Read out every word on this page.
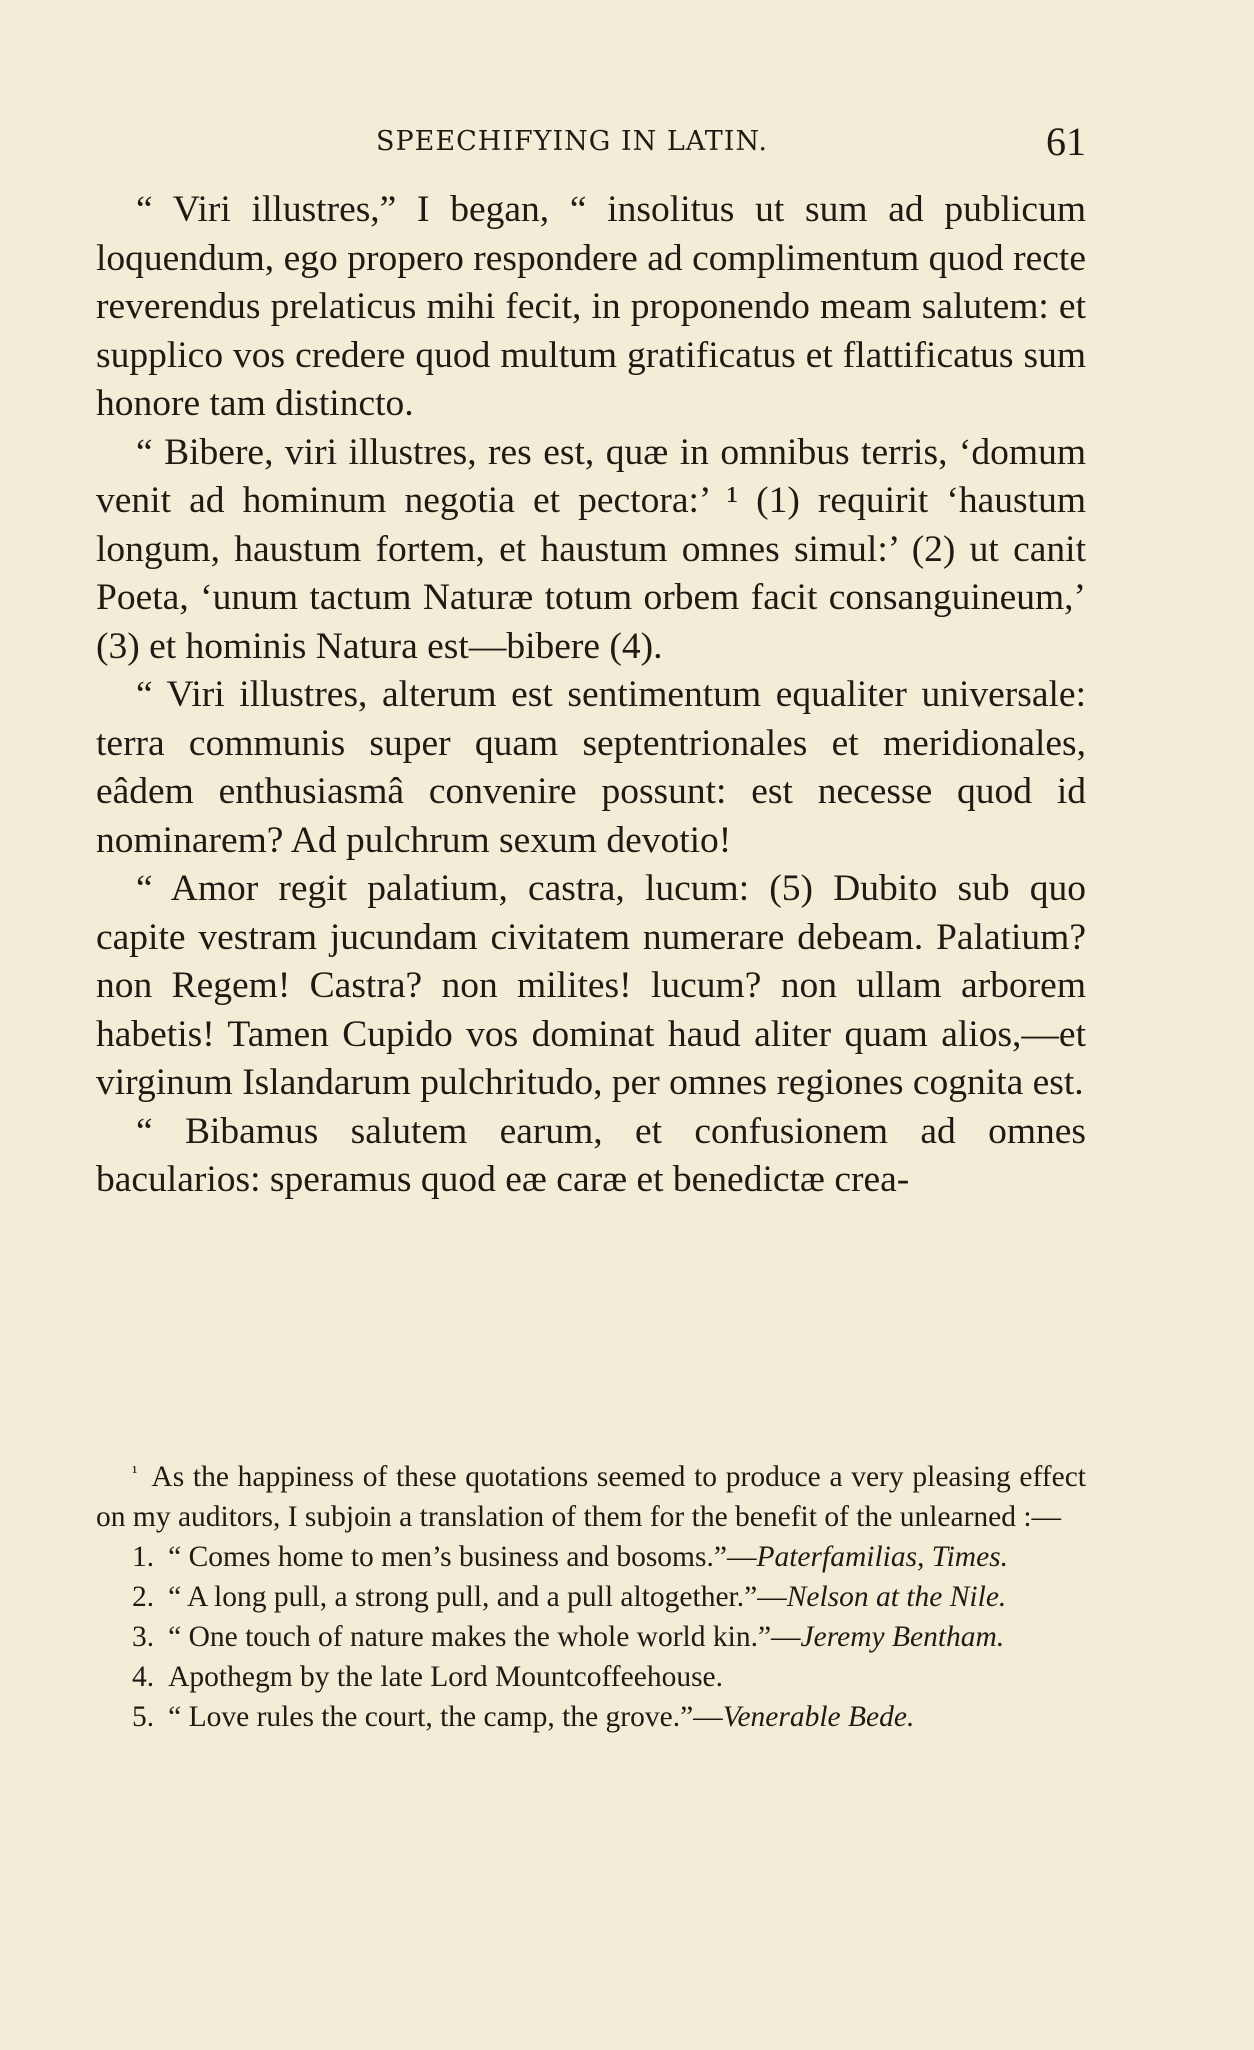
SPEECHIFYING IN LATIN.	61

“ Viri illustres,” I began, “ insolitus ut sum ad publicum loquendum, ego propero respondere ad complimentum quod recte reverendus prelaticus mihi fecit, in proponendo meam salutem: et supplico vos credere quod multum gratificatus et flattificatus sum honore tam distincto.

“ Bibere, viri illustres, res est, quæ in omnibus terris, ‘domum venit ad hominum negotia et pectora:’ ¹ (1) requirit ‘haustum longum, haustum fortem, et haustum omnes simul:’ (2) ut canit Poeta, ‘unum tactum Naturæ totum orbem facit consanguineum,’ (3) et hominis Natura est—bibere (4).

“ Viri illustres, alterum est sentimentum equaliter universale: terra communis super quam septentrionales et meridionales, eâdem enthusiasmâ convenire possunt: est necesse quod id nominarem? Ad pulchrum sexum devotio!

“ Amor regit palatium, castra, lucum: (5) Dubito sub quo capite vestram jucundam civitatem numerare debeam. Palatium? non Regem! Castra? non milites! lucum? non ullam arborem habetis! Tamen Cupido vos dominat haud aliter quam alios,—et virginum Islandarum pulchritudo, per omnes regiones cognita est.

“ Bibamus salutem earum, et confusionem ad omnes bacularios: speramus quod eæ caræ et benedictæ crea-

$^{^1}$ As the happiness of these quotations seemed to produce a very pleasing effect on my auditors, I subjoin a translation of them for the benefit of the unlearned :—

1. “ Comes home to men’s business and bosoms.”—Paterfamilias, Times.

2. “ A long pull, a strong pull, and a pull altogether.”—Nelson at the Nile.

3. “ One touch of nature makes the whole world kin.”—Jeremy Bentham.

4. Apothegm by the late Lord Mountcoffeehouse.

5. “ Love rules the court, the camp, the grove.”—Venerable Bede.
